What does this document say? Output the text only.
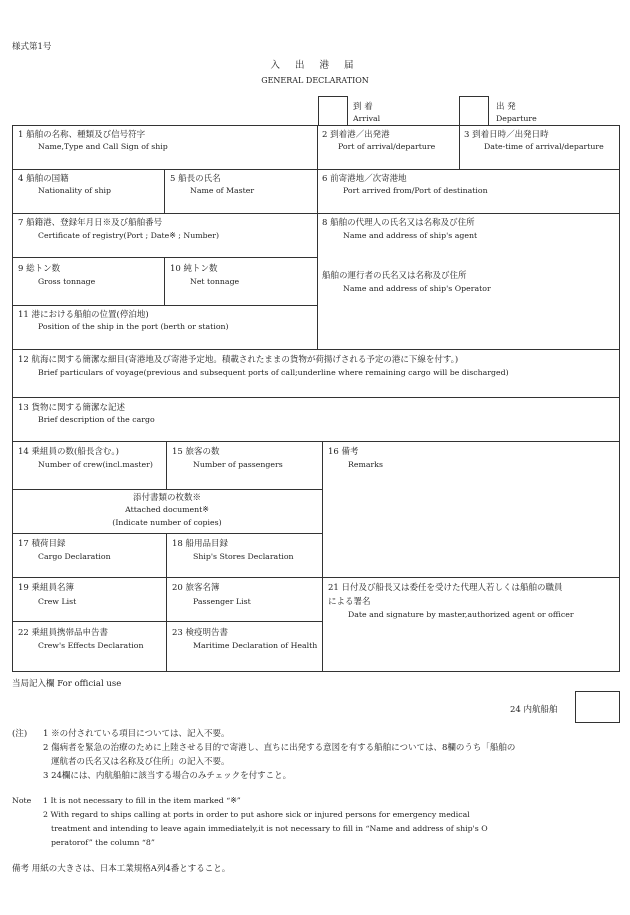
様式第1号
入 出 港 届
GENERAL DECLARATION
到 着
Arrival
出 発
Departure
1 船舶の名称、種類及び信号符字
Name,Type and Call Sign of ship
2 到着港／出発港
Port of arrival/departure
3 到着日時／出発日時
Date-time of arrival/departure
4 船舶の国籍
Nationality of ship
5 船長の氏名
Name of Master
6 前寄港地／次寄港地
Port arrived from/Port of destination
7 船籍港、登録年月日※及び船舶番号
Certificate of registry(Port ; Date※ ; Number)
8 船舶の代理人の氏名又は名称及び住所
Name and address of ship's agent
船舶の運行者の氏名又は名称及び住所
Name and address of ship's Operator
9 総トン数
Gross tonnage
10 純トン数
Net tonnage
11 港における船舶の位置(停泊地)
Position of the ship in the port (berth or station)
12 航海に関する簡潔な細目(寄港地及び寄港予定地。積載されたままの貨物が荷揚げされる予定の港に下線を付す。)
Brief particulars of voyage(previous and subsequent ports of call;underline where remaining cargo will be discharged)
13 貨物に関する簡潔な記述
Brief description of the cargo
14 乗組員の数(船長含む。)
Number of crew(incl.master)
15 旅客の数
Number of passengers
16 備考
Remarks
添付書類の枚数※
Attached document※
(Indicate number of copies)
17 積荷目録
Cargo Declaration
18 船用品目録
Ship's Stores Declaration
19 乗組員名簿
Crew List
20 旅客名簿
Passenger List
21 日付及び船長又は委任を受けた代理人若しくは船舶の職員
による署名
Date and signature by master,authorized agent or officer
22 乗組員携帯品申告書
Crew's Effects Declaration
23 検疫明告書
Maritime Declaration of Health
当局記入欄 For official use
24 内航船舶
(注) 1 ※の付されている項目については、記入不要。
2 傷病者を緊急の治療のために上陸させる目的で寄港し、直ちに出発する意図を有する船舶については、8欄のうち「船舶の
運航者の氏名又は名称及び住所」の記入不要。
3 24欄には、内航船舶に該当する場合のみチェックを付すこと。
Note 1 It is not necessary to fill in the item marked “※”
2 With regard to ships calling at ports in order to put ashore sick or injured persons for emergency medical
treatment and intending to leave again immediately,it is not necessary to fill in “Name and address of ship's O
peratorof” the column “8”
備考 用紙の大きさは、日本工業規格A列4番とすること。
